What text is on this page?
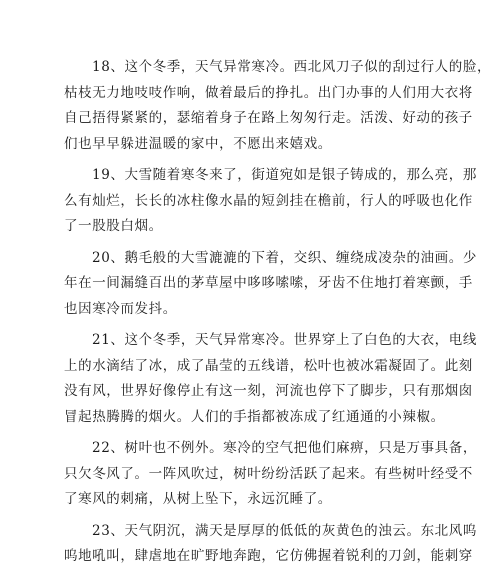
18、这个冬季，天气异常寒冷。西北风刀子似的刮过行人的脸，
枯枝无力地吱吱作响，做着最后的挣扎。出门办事的人们用大衣将
自己捂得紧紧的，瑟缩着身子在路上匆匆行走。活泼、好动的孩子
们也早早躲进温暖的家中，不愿出来嬉戏。
19、大雪随着寒冬来了，街道宛如是银子铸成的，那么亮，那
么有灿烂，长长的冰柱像水晶的短剑挂在檐前，行人的呼吸也化作
了一股股白烟。
20、鹅毛般的大雪漉漉的下着，交织、缠绕成凌杂的油画。少
年在一间漏缝百出的茅草屋中哆哆嗦嗦，牙齿不住地打着寒颤，手
也因寒冷而发抖。
21、这个冬季，天气异常寒冷。世界穿上了白色的大衣，电线
上的水滴结了冰，成了晶莹的五线谱，松叶也被冰霜凝固了。此刻
没有风，世界好像停止有这一刻，河流也停下了脚步，只有那烟囱
冒起热腾腾的烟火。人们的手指都被冻成了红通通的小辣椒。
22、树叶也不例外。寒冷的空气把他们麻痹，只是万事具备，
只欠冬风了。一阵风吹过，树叶纷纷活跃了起来。有些树叶经受不
了寒风的刺痛，从树上坠下，永远沉睡了。
23、天气阴沉，满天是厚厚的低低的灰黄色的浊云。东北风呜
呜地吼叫，肆虐地在旷野地奔跑，它仿佛握着锐利的刀剑，能刺穿
